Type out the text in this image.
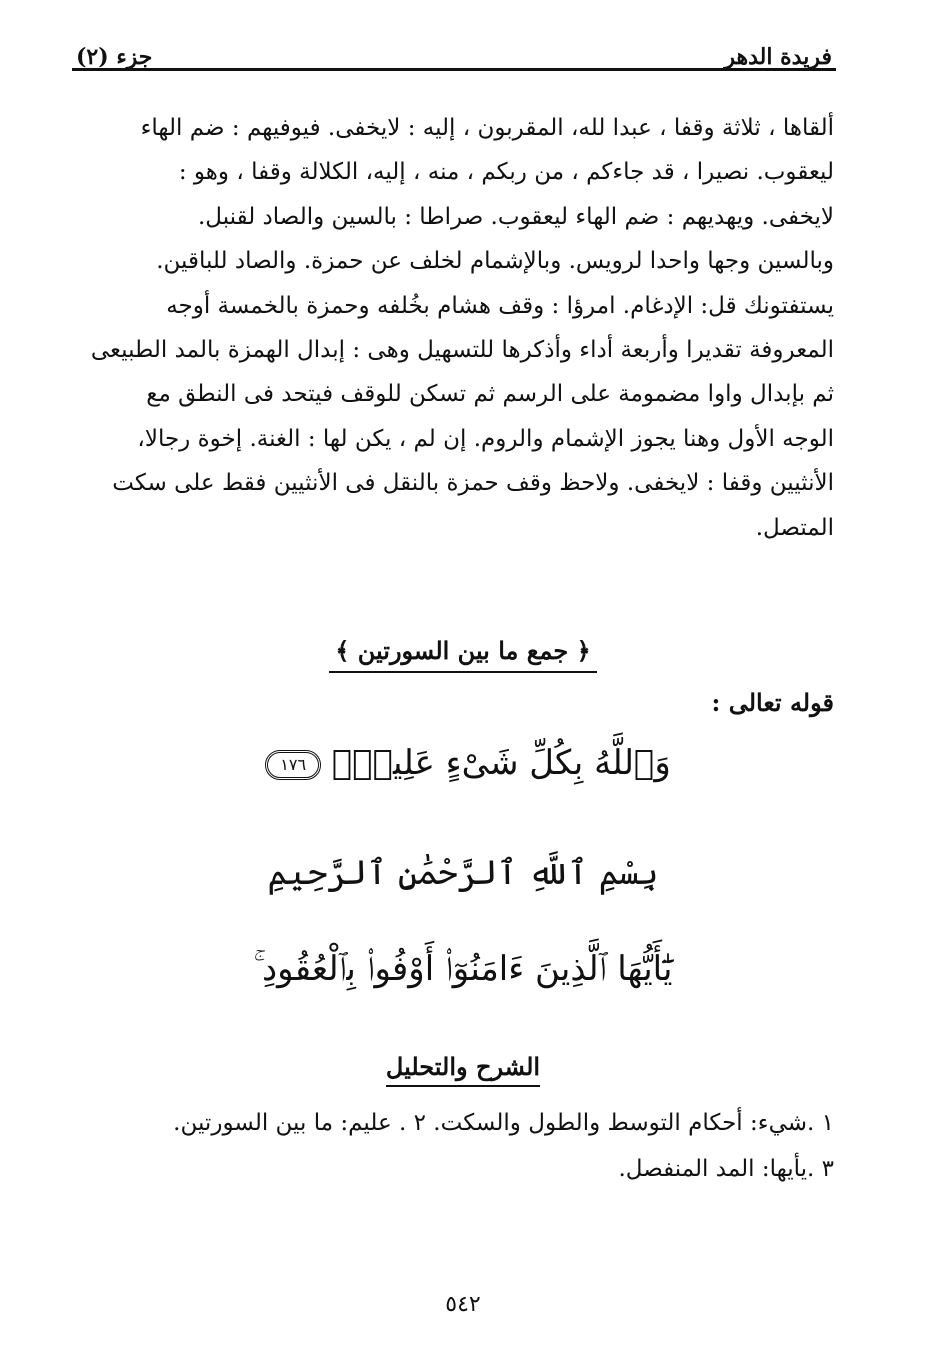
فريدة الدهر
جزء (٢)

ألقاها ، ثلاثة وقفا ، عبدا لله، المقربون ، إليه : لايخفى. فيوفيهم : ضم الهاء

ليعقوب. نصيرا ، قد جاءكم ، من ربكم ، منه ، إليه، الكلالة وقفا ، وهو :

لايخفى. ويهديهم : ضم الهاء ليعقوب. صراطا : بالسين والصاد لقنبل.

وبالسين وجها واحدا لرويس. وبالإشمام لخلف عن حمزة. والصاد للباقين.

يستفتونك قل: الإدغام. امرؤا : وقف هشام بخُلفه وحمزة بالخمسة أوجه

المعروفة تقديرا وأربعة أداء وأذكرها للتسهيل وهى : إبدال الهمزة بالمد الطبيعى

ثم بإبدال واوا مضمومة على الرسم ثم تسكن للوقف فيتحد فى النطق مع

الوجه الأول وهنا يجوز الإشمام والروم. إن لم ، يكن لها : الغنة. إخوة رجالا،

الأنثيين وقفا : لايخفى. ولاحظ وقف حمزة بالنقل فى الأنثيين فقط على سكت

المتصل.

﴿ جمع ما بين السورتين ﴾
قوله تعالى :
وَٱللَّهُ بِكُلِّ شَىْءٍ عَلِيمٌۢ ١٧٦
بِسْمِ ٱللَّهِ ٱلرَّحْمَٰنِ ٱلرَّحِيمِ
يَٰٓأَيُّهَا ٱلَّذِينَ ءَامَنُوٓا۟ أَوْفُوا۟ بِٱلْعُقُودِ ۚ
الشرح والتحليل

١ .شيء: أحكام التوسط والطول والسكت. ٢ . عليم: ما بين السورتين.

٣ .يأيها: المد المنفصل.

٥٤٢
